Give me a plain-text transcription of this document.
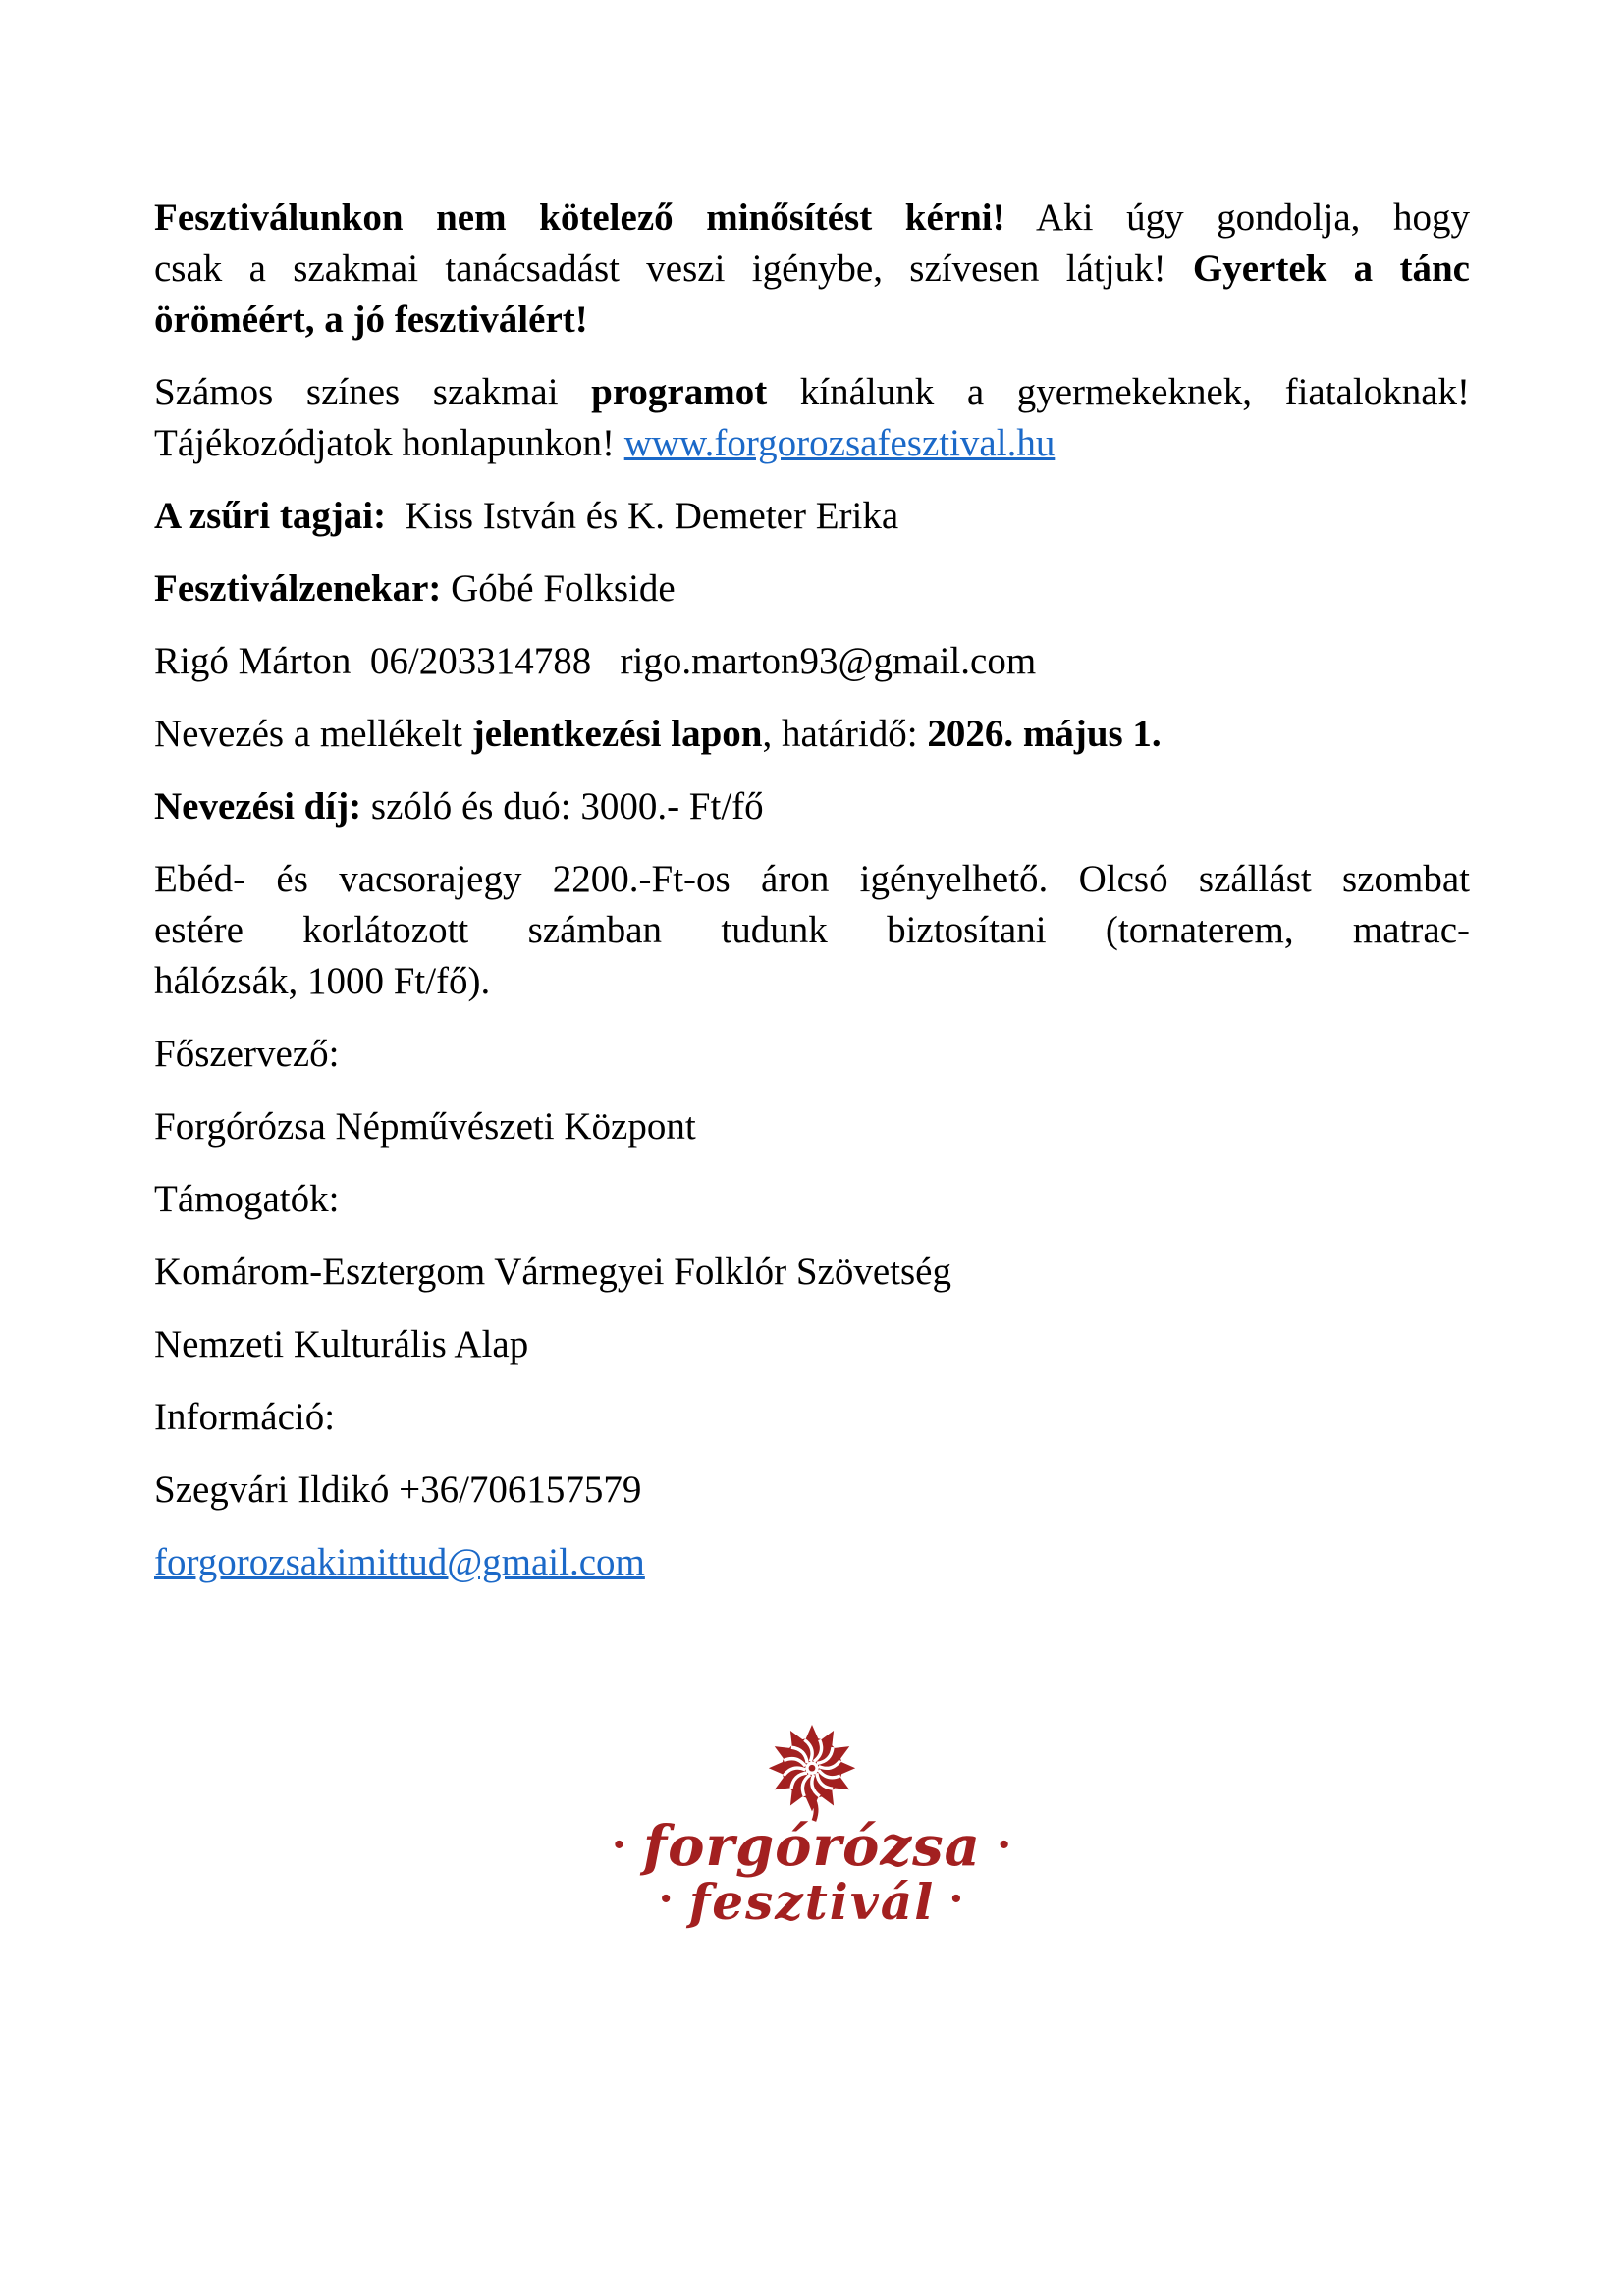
Fesztiválunkon nem kötelező minősítést kérni! Aki úgy gondolja, hogy
csak a szakmai tanácsadást veszi igénybe, szívesen látjuk! Gyertek a tánc
öröméért, a jó fesztiválért!
Számos színes szakmai programot kínálunk a gyermekeknek, fiataloknak!
Tájékozódjatok honlapunkon! www.forgorozsafesztival.hu
A zsűri tagjai:  Kiss István és K. Demeter Erika
Fesztiválzenekar: Góbé Folkside
Rigó Márton  06/203314788   rigo.marton93@gmail.com
Nevezés a mellékelt jelentkezési lapon, határidő: 2026. május 1.
Nevezési díj: szóló és duó: 3000.- Ft/fő
Ebéd- és vacsorajegy 2200.-Ft-os áron igényelhető. Olcsó szállást szombat
estére korlátozott számban tudunk biztosítani (tornaterem, matrac-
hálózsák, 1000 Ft/fő).
Főszervező:
Forgórózsa Népművészeti Központ
Támogatók:
Komárom-Esztergom Vármegyei Folklór Szövetség
Nemzeti Kulturális Alap
Információ:
Szegvári Ildikó +36/706157579
forgorozsakimittud@gmail.com
· forgórózsa ·
· fesztivál ·
